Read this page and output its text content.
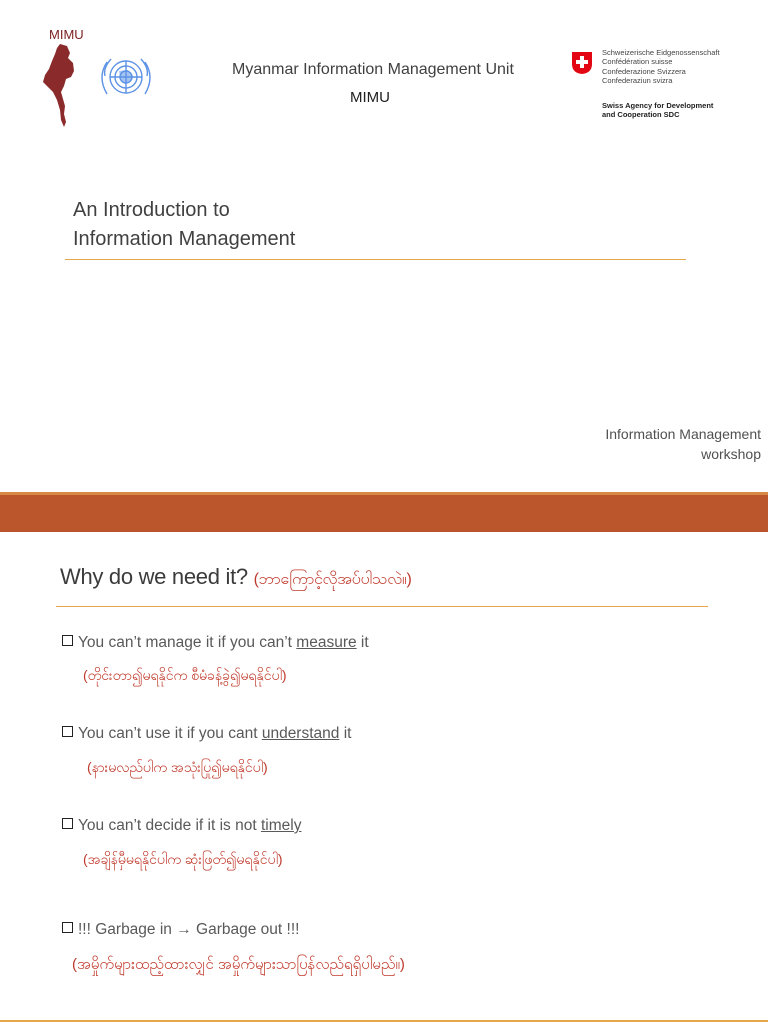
MIMU
Myanmar Information Management Unit
MIMU
Schweizerische Eidgenossenschaft
Confédération suisse
Confederazione Svizzera
Confederaziun svizra
Swiss Agency for Development
and Cooperation SDC
An Introduction to
Information Management
Information Management
workshop
Why do we need it? (ဘာကြောင့်လိုအပ်ပါသလဲ။)
You can’t manage it if you can’t measure it
(တိုင်းတာ၍မရနိုင်က စီမံခန့်ခွဲ၍မရနိုင်ပါ)
You can’t use it if you cant understand it
(နားမလည်ပါက အသုံးပြု၍မရနိုင်ပါ)
You can’t decide if it is not timely
(အချိန်မှီမရနိုင်ပါက ဆုံးဖြတ်၍မရနိုင်ပါ)
!!! Garbage in → Garbage out !!!
(အမှိုက်များထည့်ထားလျှင် အမှိုက်များသာပြန်လည်ရရှိပါမည်။)
